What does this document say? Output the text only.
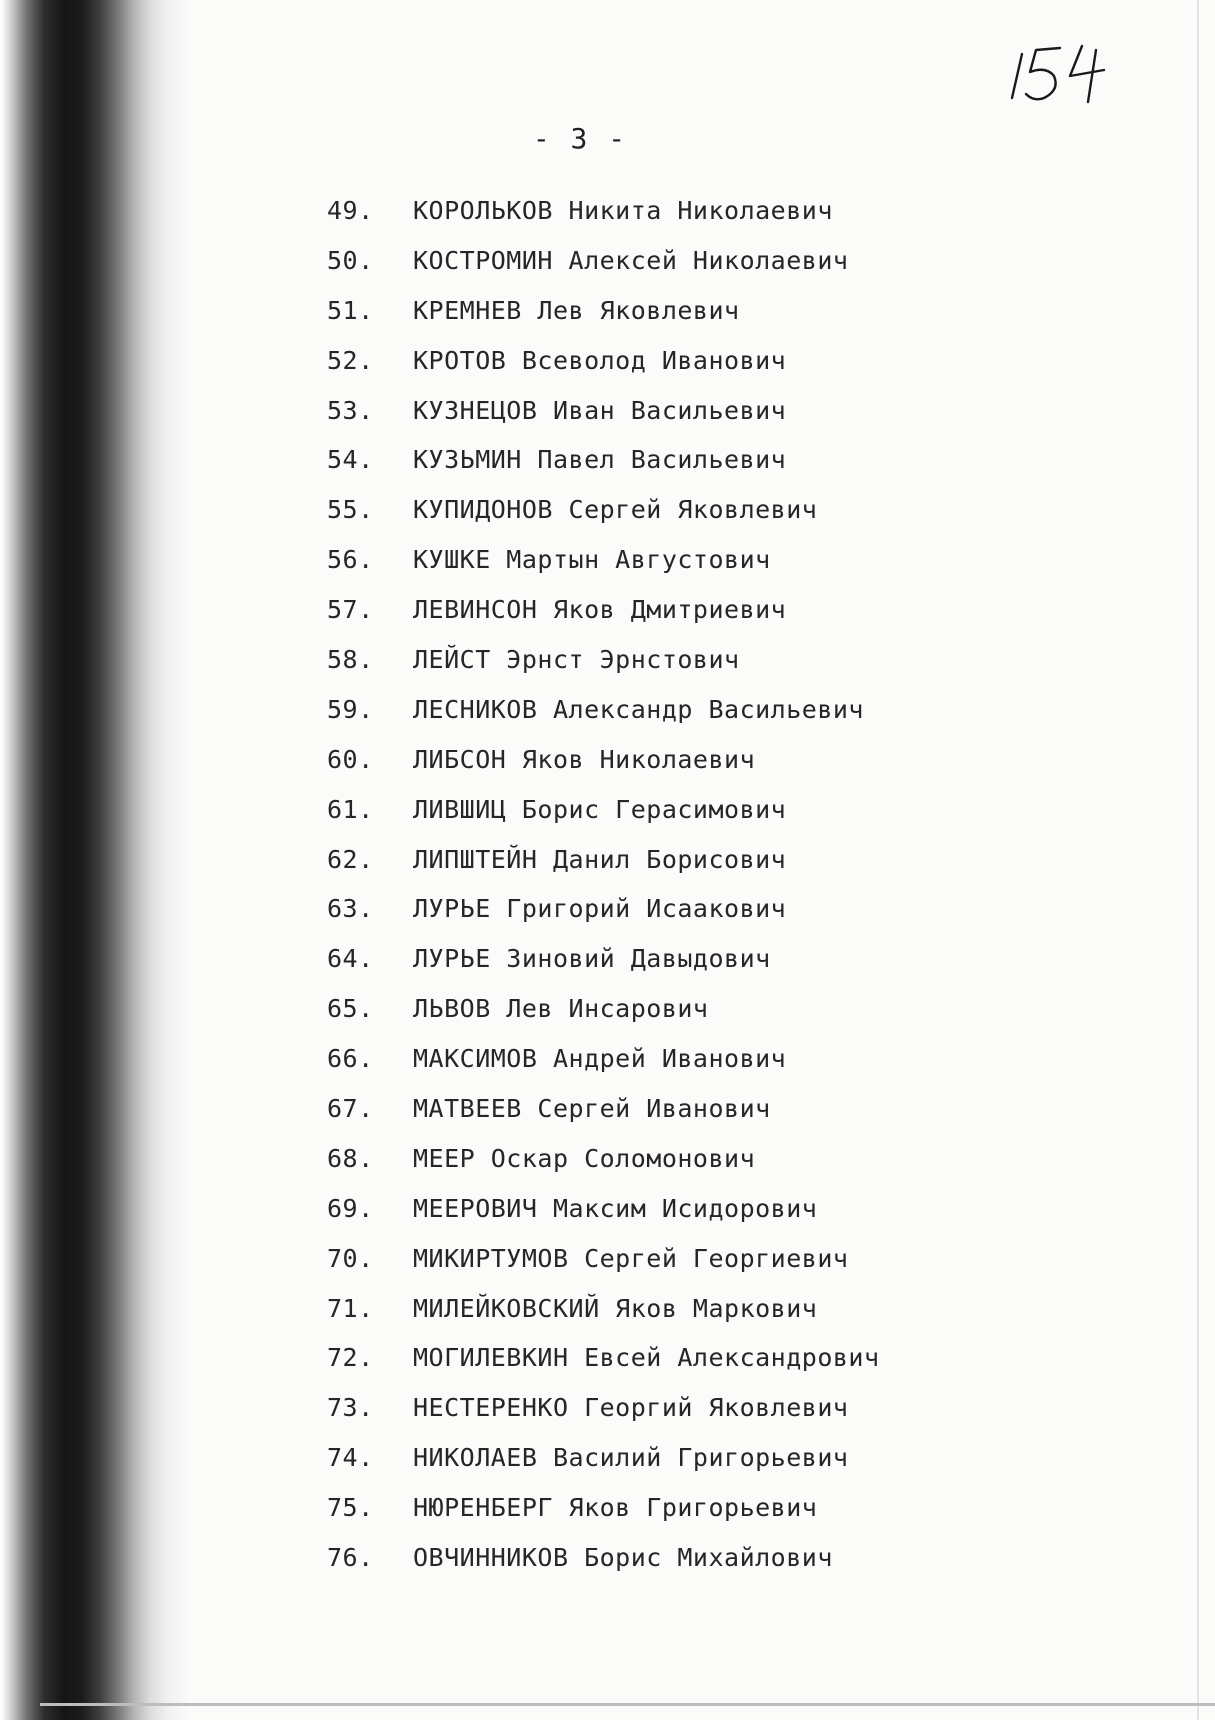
- 3 -
49. КОРОЛЬКОВ Никита Николаевич
50. КОСТРОМИН Алексей Николаевич
51. КРЕМНЕВ Лев Яковлевич
52. КРОТОВ Всеволод Иванович
53. КУЗНЕЦОВ Иван Васильевич
54. КУЗЬМИН Павел Васильевич
55. КУПИДОНОВ Сергей Яковлевич
56. КУШКЕ Мартын Августович
57. ЛЕВИНСОН Яков Дмитриевич
58. ЛЕЙСТ Эрнст Эрнстович
59. ЛЕСНИКОВ Александр Васильевич
60. ЛИБСОН Яков Николаевич
61. ЛИВШИЦ Борис Герасимович
62. ЛИПШТЕЙН Данил Борисович
63. ЛУРЬЕ Григорий Исаакович
64. ЛУРЬЕ Зиновий Давыдович
65. ЛЬВОВ Лев Инсарович
66. МАКСИМОВ Андрей Иванович
67. МАТВЕЕВ Сергей Иванович
68. МЕЕР Оскар Соломонович
69. МЕЕРОВИЧ Максим Исидорович
70. МИКИРТУМОВ Сергей Георгиевич
71. МИЛЕЙКОВСКИЙ Яков Маркович
72. МОГИЛЕВКИН Евсей Александрович
73. НЕСТЕРЕНКО Георгий Яковлевич
74. НИКОЛАЕВ Василий Григорьевич
75. НЮРЕНБЕРГ Яков Григорьевич
76. ОВЧИННИКОВ Борис Михайлович
